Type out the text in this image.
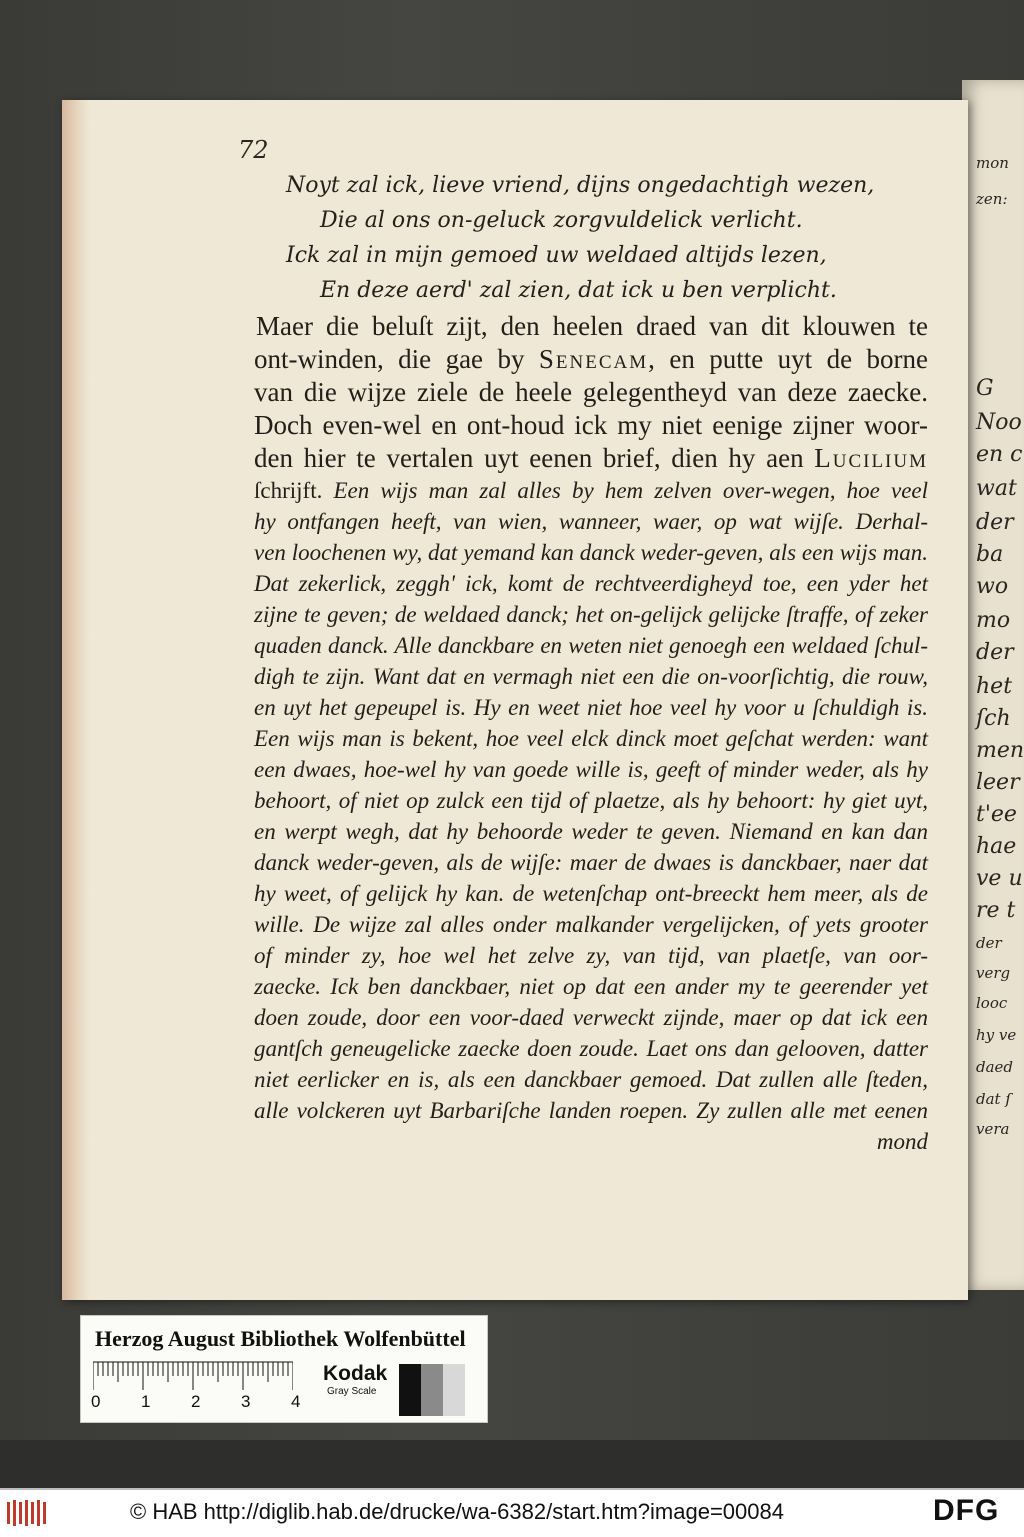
mon
zen:
G
Noo
en c
wat
der
ba
wo
mo
der
het
ſch
men
leer
t'ee
hae
ve u
re t
der
verg
looc
hy ve
daed
dat ſ
vera
72
Noyt zal ick, lieve vriend, dijns ongedachtigh wezen,
Die al ons on-geluck zorgvuldelick verlicht.
Ick zal in mijn gemoed uw weldaed altijds lezen,
En deze aerd' zal zien, dat ick u ben verplicht.
Maer die beluſt zijt, den heelen draed van dit klouwen te
ont-winden, die gae by Senecam, en putte uyt de borne
van die wijze ziele de heele gelegentheyd van deze zaecke.
Doch even-wel en ont-houd ick my niet eenige zijner woor-
den hier te vertalen uyt eenen brief, dien hy aen Lucilium
ſchrijft. Een wijs man zal alles by hem zelven over-wegen, hoe veel
hy ontfangen heeft, van wien, wanneer, waer, op wat wijſe. Derhal-
ven loochenen wy, dat yemand kan danck weder-geven, als een wijs man.
Dat zekerlick, zeggh' ick, komt de rechtveerdigheyd toe, een yder het
zijne te geven; de weldaed danck; het on-gelijck gelijcke ſtraffe, of zeker
quaden danck. Alle danckbare en weten niet genoegh een weldaed ſchul-
digh te zijn. Want dat en vermagh niet een die on-voorſichtig, die rouw,
en uyt het gepeupel is. Hy en weet niet hoe veel hy voor u ſchuldigh is.
Een wijs man is bekent, hoe veel elck dinck moet geſchat werden: want
een dwaes, hoe-wel hy van goede wille is, geeft of minder weder, als hy
behoort, of niet op zulck een tijd of plaetze, als hy behoort: hy giet uyt,
en werpt wegh, dat hy behoorde weder te geven. Niemand en kan dan
danck weder-geven, als de wijſe: maer de dwaes is danckbaer, naer dat
hy weet, of gelijck hy kan. de wetenſchap ont-breeckt hem meer, als de
wille. De wijze zal alles onder malkander vergelijcken, of yets grooter
of minder zy, hoe wel het zelve zy, van tijd, van plaetſe, van oor-
zaecke. Ick ben danckbaer, niet op dat een ander my te geerender yet
doen zoude, door een voor-daed verweckt zijnde, maer op dat ick een
gantſch geneugelicke zaecke doen zoude. Laet ons dan gelooven, datter
niet eerlicker en is, als een danckbaer gemoed. Dat zullen alle ſteden,
alle volckeren uyt Barbariſche landen roepen. Zy zullen alle met eenen
mond
Herzog August Bibliothek Wolfenbüttel
0 1 2 3 4
Kodak
Gray Scale
© HAB http://diglib.hab.de/drucke/wa-6382/start.htm?image=00084	DFG
